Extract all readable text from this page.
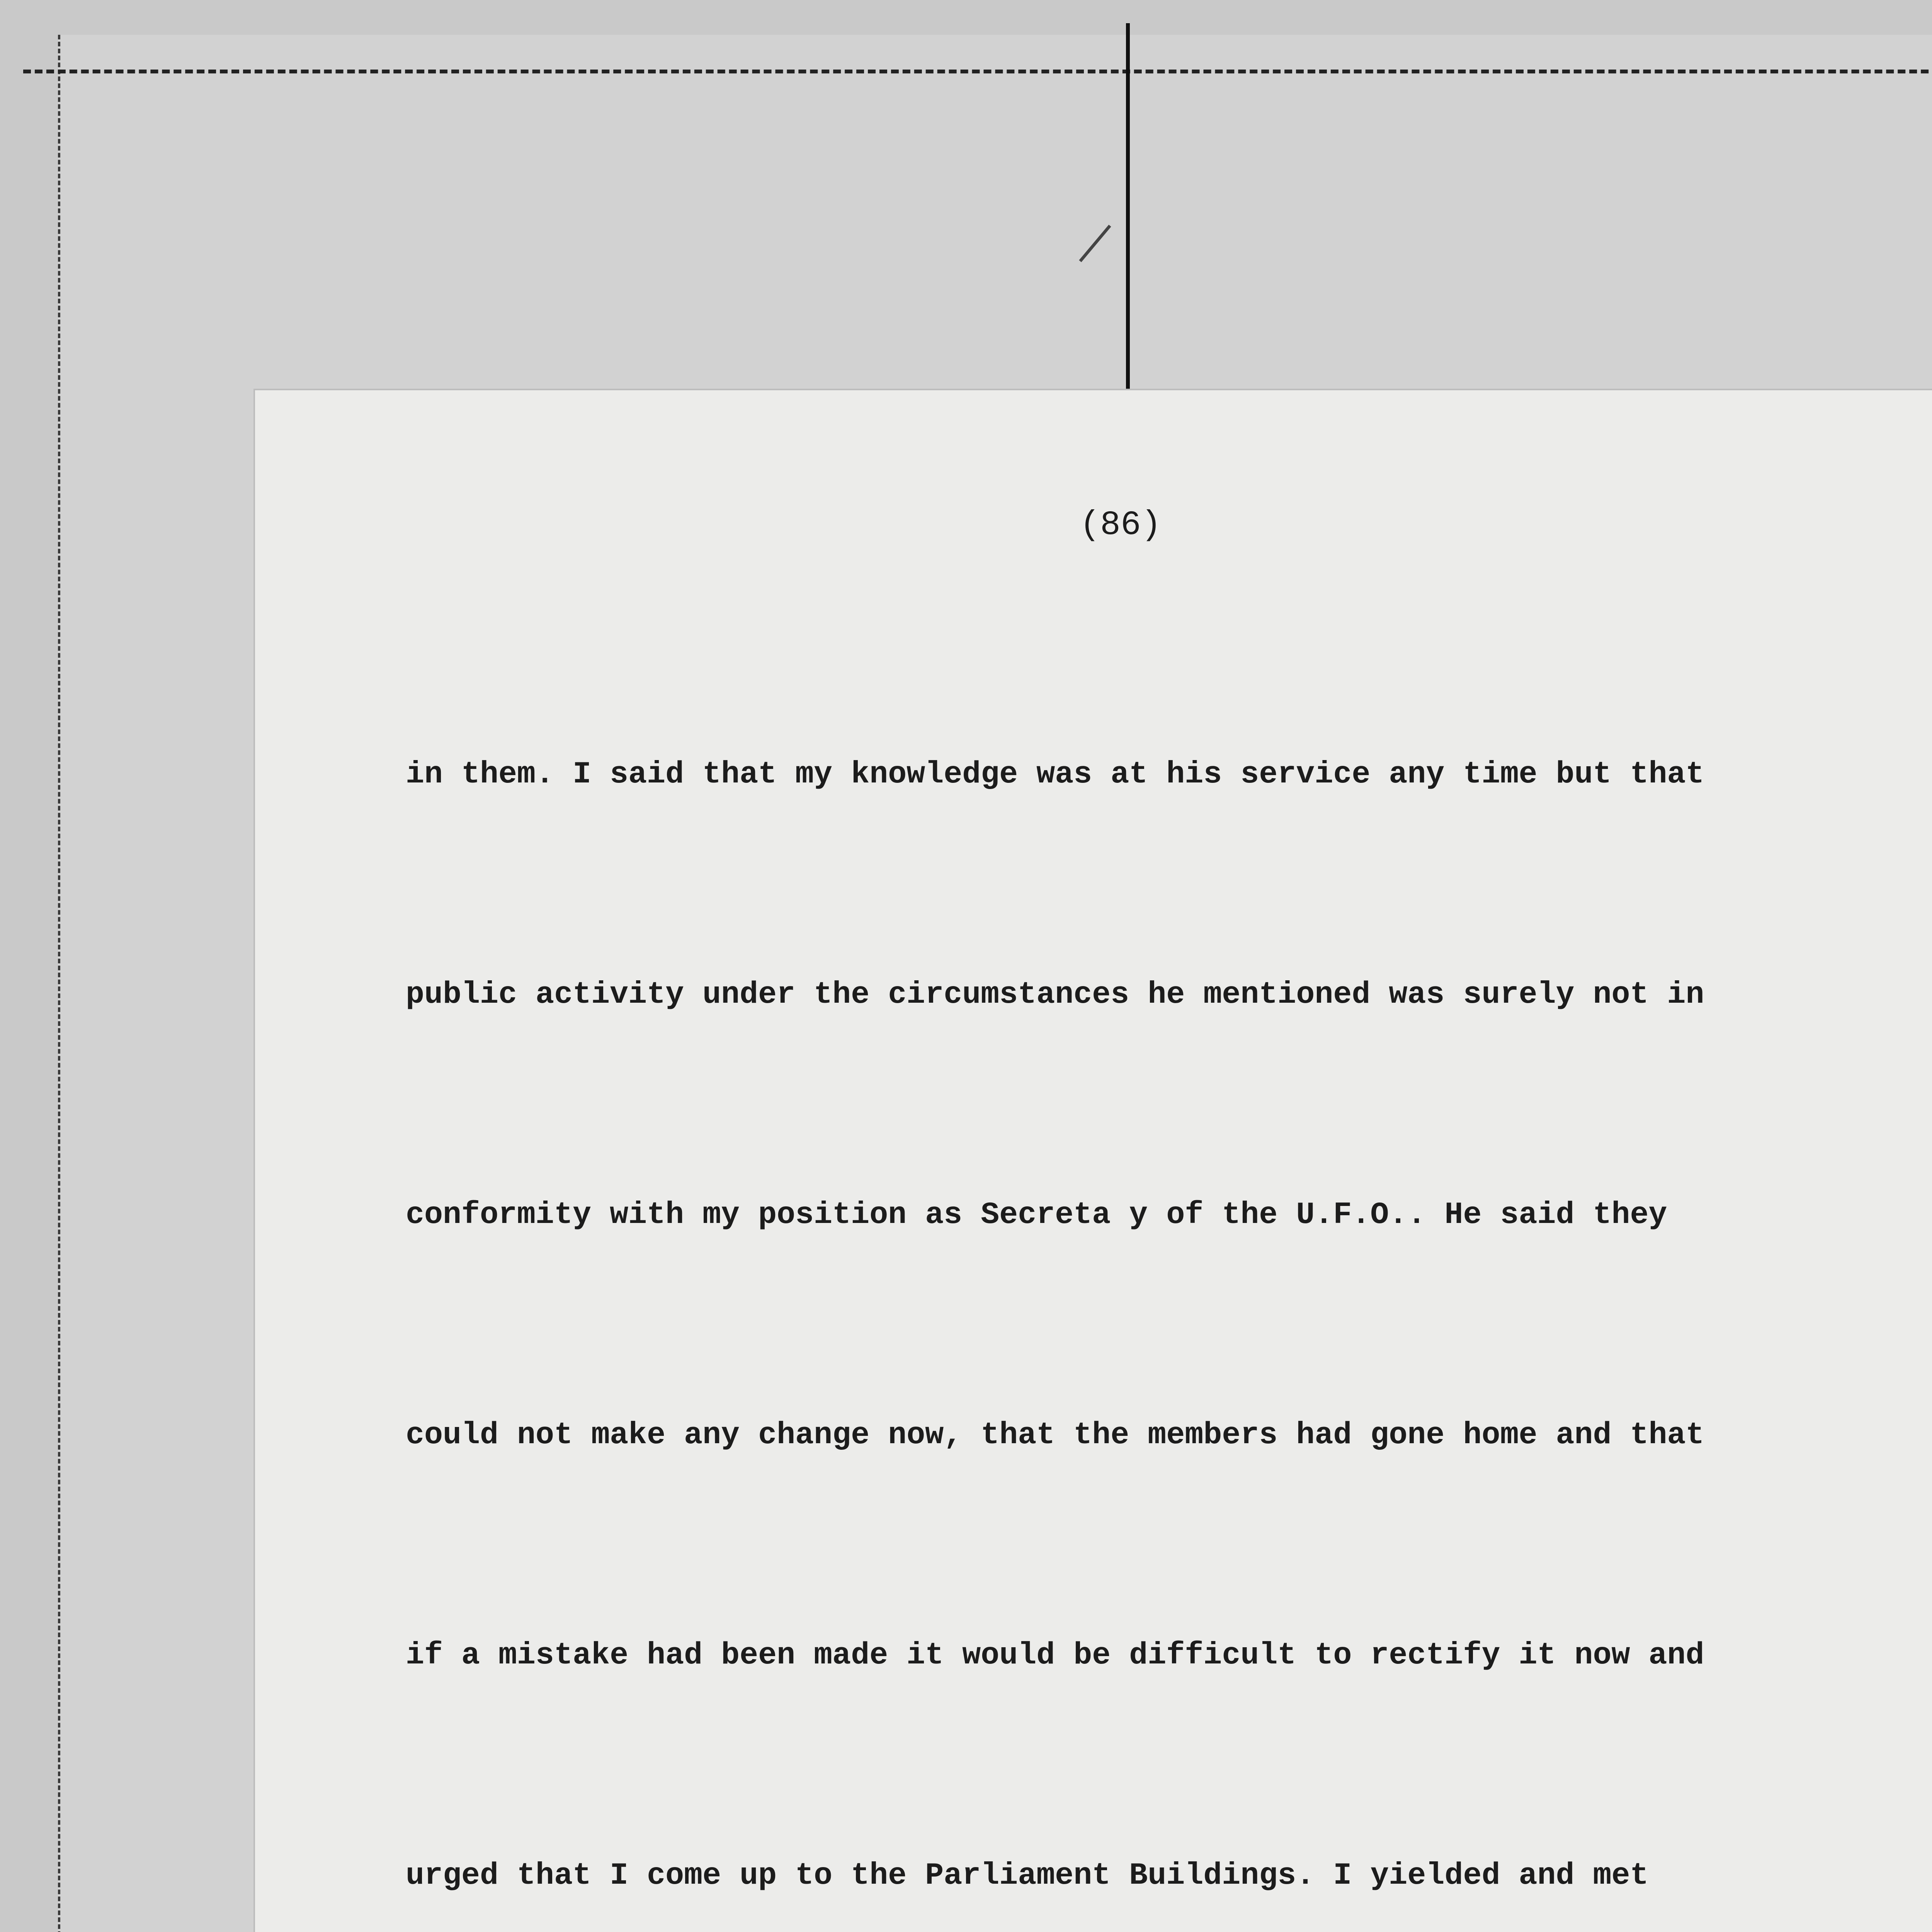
(86)

in them. I said that my knowledge was at his service any time but that

public activity under the circumstances he mentioned was surely not in

conformity with my position as Secreta y of the U.F.O.. He said they

could not make any change now, that the members had gone home and that

if a mistake had been made it would be difficult to rectify it now and

urged that I come up to the Parliament Buildings. I yielded and met
